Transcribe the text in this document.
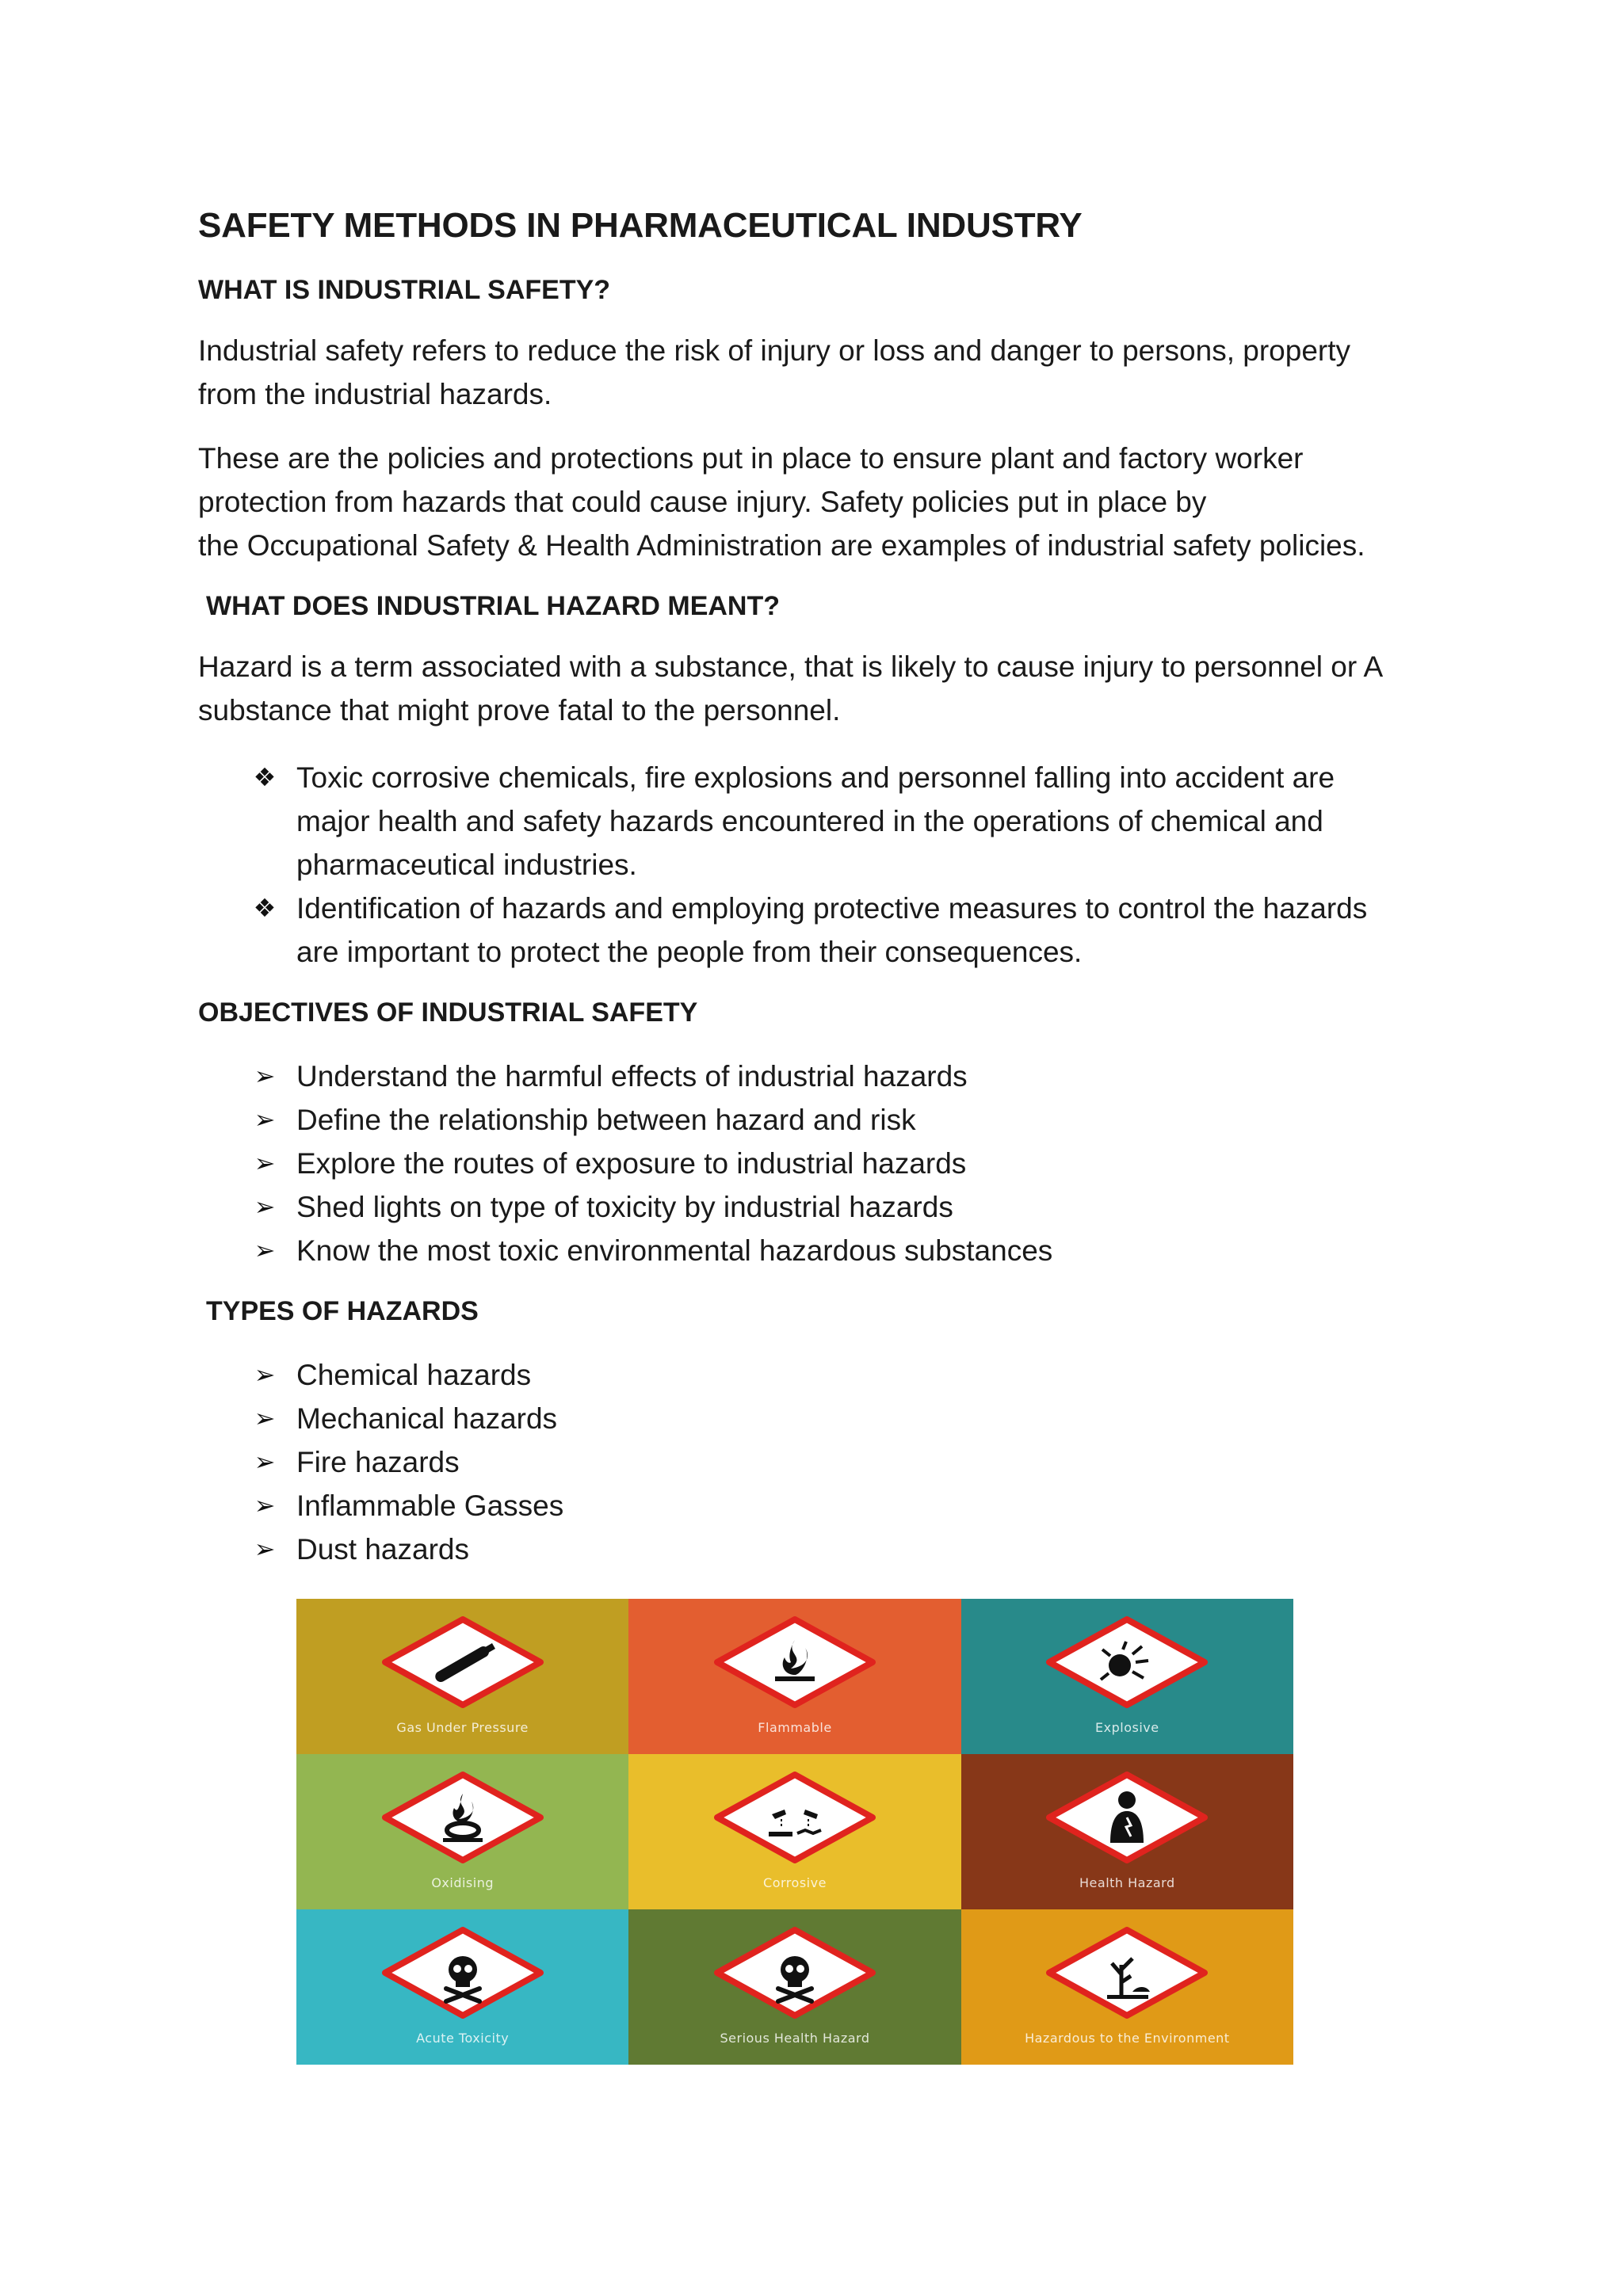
SAFETY METHODS IN PHARMACEUTICAL INDUSTRY
WHAT IS INDUSTRIAL SAFETY?

Industrial safety refers to reduce the risk of injury or loss and danger to persons, property
from the industrial hazards.

These are the policies and protections put in place to ensure plant and factory worker
protection from hazards that could cause injury. Safety policies put in place by
the Occupational Safety & Health Administration are examples of industrial safety policies.

WHAT DOES INDUSTRIAL HAZARD MEANT?

Hazard is a term associated with a substance, that is likely to cause injury to personnel or A
substance that might prove fatal to the personnel.

❖ Toxic corrosive chemicals, fire explosions and personnel falling into accident are
major health and safety hazards encountered in the operations of chemical and
pharmaceutical industries.
❖ Identification of hazards and employing protective measures to control the hazards
are important to protect the people from their consequences.
OBJECTIVES OF INDUSTRIAL SAFETY
➢ Understand the harmful effects of industrial hazards
➢ Define the relationship between hazard and risk
➢ Explore the routes of exposure to industrial hazards
➢ Shed lights on type of toxicity by industrial hazards
➢ Know the most toxic environmental hazardous substances
TYPES OF HAZARDS
➢ Chemical hazards
➢ Mechanical hazards
➢ Fire hazards
➢ Inflammable Gasses
➢ Dust hazards
Gas Under Pressure	Flammable	Explosive
Oxidising	Corrosive	Health Hazard
Acute Toxicity	Serious Health Hazard	Hazardous to the Environment
